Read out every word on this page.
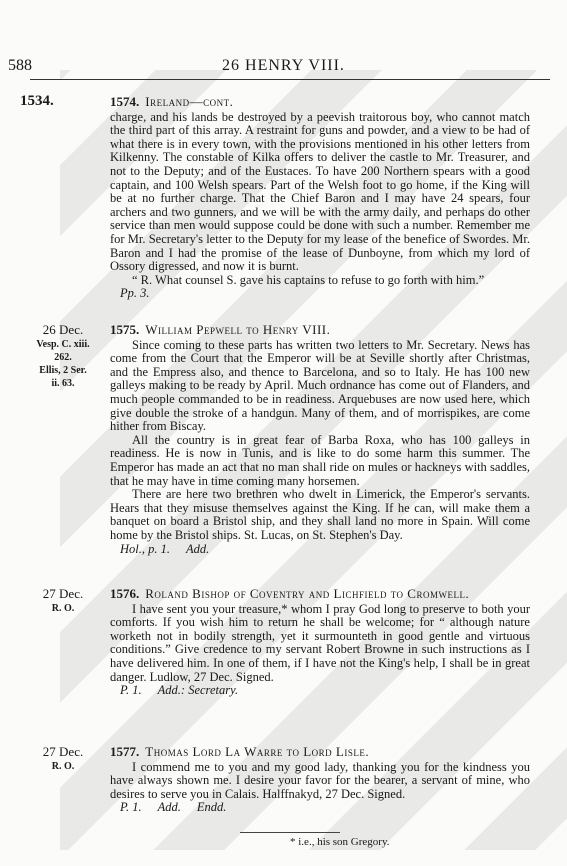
588	26 HENRY VIII.
1534.	1574. Ireland—cont.

charge, and his lands be destroyed by a peevish traitorous boy, who cannot match the third part of this array. A restraint for guns and powder, and a view to be had of what there is in every town, with the provisions mentioned in his other letters from Kilkenny. The constable of Kilka offers to deliver the castle to Mr. Treasurer, and not to the Deputy; and of the Eustaces. To have 200 Northern spears with a good captain, and 100 Welsh spears. Part of the Welsh foot to go home, if the King will be at no further charge. That the Chief Baron and I may have 24 spears, four archers and two gunners, and we will be with the army daily, and perhaps do other service than men would suppose could be done with such a number. Remember me for Mr. Secretary's letter to the Deputy for my lease of the benefice of Swordes. Mr. Baron and I had the promise of the lease of Dunboyne, from which my lord of Ossory digressed, and now it is burnt.

“ R. What counsel S. gave his captains to refuse to go forth with him.”

Pp. 3.
26 Dec.
Vesp. C. xiii.
262.
Ellis, 2 Ser.
ii. 63.
1575. William Pepwell to Henry VIII.

Since coming to these parts has written two letters to Mr. Secretary. News has come from the Court that the Emperor will be at Seville shortly after Christmas, and the Empress also, and thence to Barcelona, and so to Italy. He has 100 new galleys making to be ready by April. Much ordnance has come out of Flanders, and much people commanded to be in readiness. Arquebuses are now used here, which give double the stroke of a handgun. Many of them, and of morrispikes, are come hither from Biscay.

All the country is in great fear of Barba Roxa, who has 100 galleys in readiness. He is now in Tunis, and is like to do some harm this summer. The Emperor has made an act that no man shall ride on mules or hackneys with saddles, that he may have in time coming many horsemen.

There are here two brethren who dwelt in Limerick, the Emperor's servants. Hears that they misuse themselves against the King. If he can, will make them a banquet on board a Bristol ship, and they shall land no more in Spain. Will come home by the Bristol ships. St. Lucas, on St. Stephen's Day.

Hol., p. 1. Add.
27 Dec.
R. O.
1576. Roland Bishop of Coventry and Lichfield to Cromwell.

I have sent you your treasure,* whom I pray God long to preserve to both your comforts. If you wish him to return he shall be welcome; for “ although nature worketh not in bodily strength, yet it surmounteth in good gentle and virtuous conditions.” Give credence to my servant Robert Browne in such instructions as I have delivered him. In one of them, if I have not the King's help, I shall be in great danger. Ludlow, 27 Dec. Signed.

P. 1. Add.: Secretary.
27 Dec.
R. O.
1577. Thomas Lord La Warre to Lord Lisle.

I commend me to you and my good lady, thanking you for the kindness you have always shown me. I desire your favor for the bearer, a servant of mine, who desires to serve you in Calais. Halffnakyd, 27 Dec. Signed.

P. 1. Add. Endd.
* i.e., his son Gregory.
